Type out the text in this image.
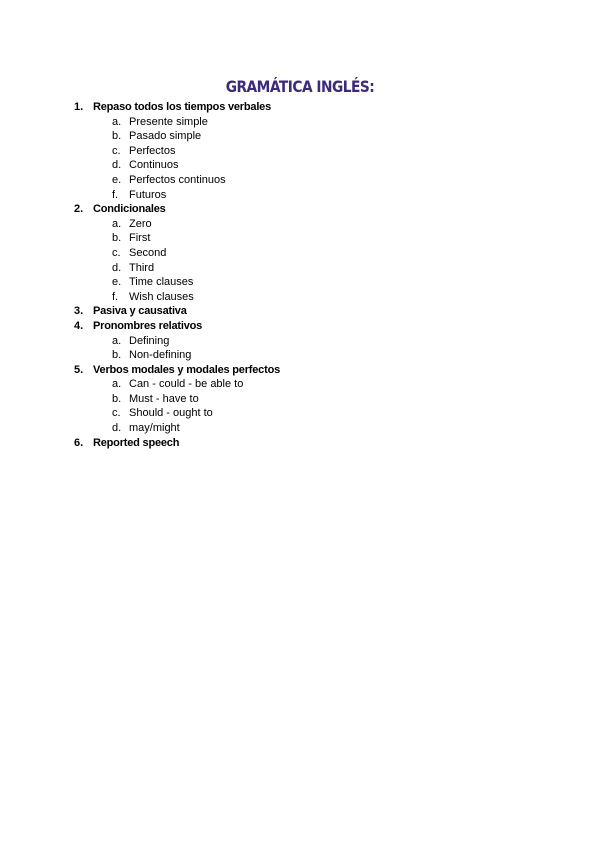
GRAMÁTICA INGLÉS:
1. Repaso todos los tiempos verbales
a. Presente simple
b. Pasado simple
c. Perfectos
d. Continuos
e. Perfectos continuos
f. Futuros
2. Condicionales
a. Zero
b. First
c. Second
d. Third
e. Time clauses
f. Wish clauses
3. Pasiva y causativa
4. Pronombres relativos
a. Defining
b. Non-defining
5. Verbos modales y modales perfectos
a. Can - could - be able to
b. Must - have to
c. Should - ought to
d. may/might
6. Reported speech
